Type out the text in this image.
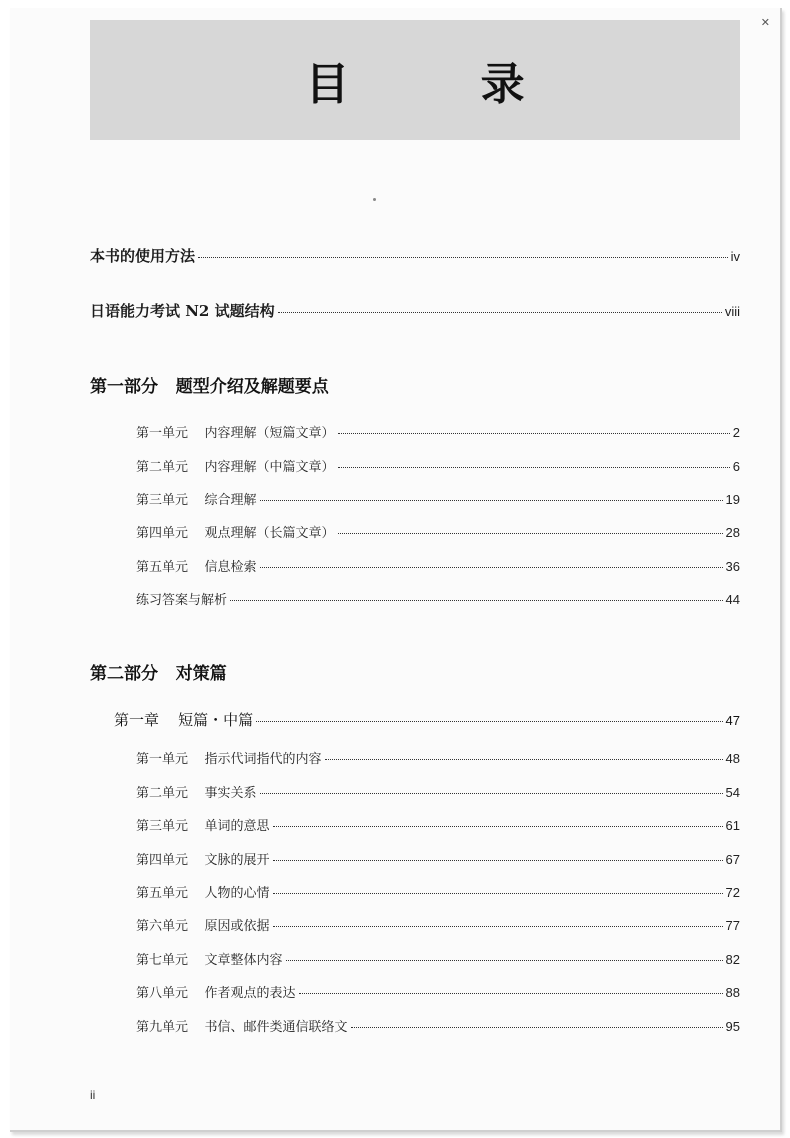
✕
目 录
本书的使用方法	iv
日语能力考试 N2 试题结构	viii
第一部分   题型介绍及解题要点
第一单元    内容理解（短篇文章）	2
第二单元    内容理解（中篇文章）	6
第三单元    综合理解	19
第四单元    观点理解（长篇文章）	28
第五单元    信息检索	36
练习答案与解析	44
第二部分   对策篇
第一章    短篇・中篇	47
第一单元    指示代词指代的内容	48
第二单元    事实关系	54
第三单元    单词的意思	61
第四单元    文脉的展开	67
第五单元    人物的心情	72
第六单元    原因或依据	77
第七单元    文章整体内容	82
第八单元    作者观点的表达	88
第九单元    书信、邮件类通信联络文	95
ii
